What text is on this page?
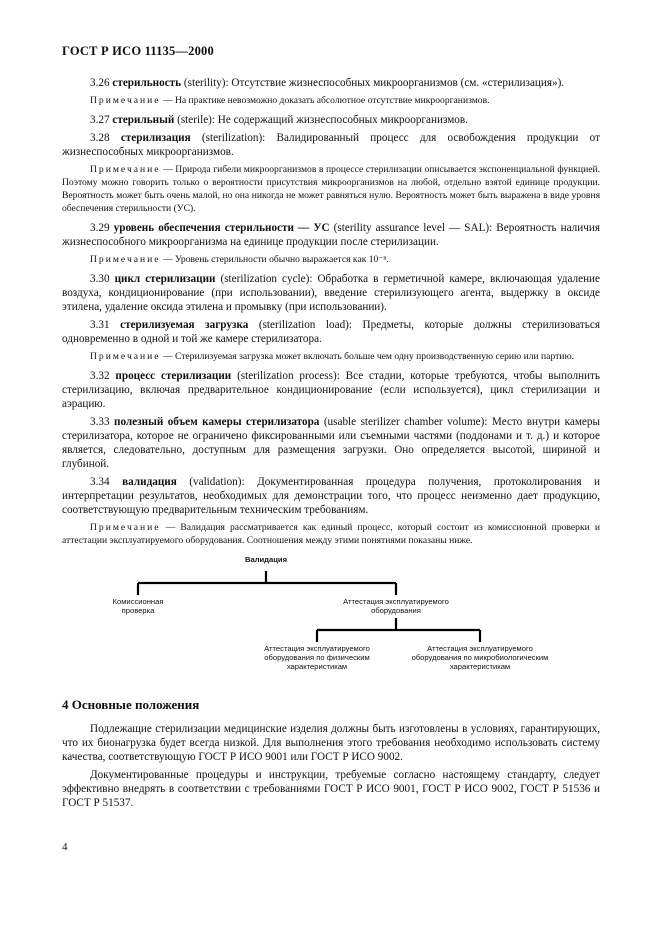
ГОСТ Р ИСО 11135—2000

3.26 стерильность (sterility): Отсутствие жизнеспособных микроорганизмов (см. «стерилизация»).

Примечание — На практике невозможно доказать абсолютное отсутствие микроорганизмов.

3.27 стерильный (sterile): Не содержащий жизнеспособных микроорганизмов.

3.28 стерилизация (sterilization): Валидированный процесс для освобождения продукции от жизнеспособных микроорганизмов.

Примечание — Природа гибели микроорганизмов в процессе стерилизации описывается экспоненциальной функцией. Поэтому можно говорить только о вероятности присутствия микроорганизмов на любой, отдельно взятой единице продукции. Вероятность может быть очень малой, но она никогда не может равняться нулю. Вероятность может быть выражена в виде уровня обеспечения стерильности (УС).

3.29 уровень обеспечения стерильности — УС (sterility assurance level — SAL): Вероятность наличия жизнеспособного микроорганизма на единице продукции после стерилизации.

Примечание — Уровень стерильности обычно выражается как 10⁻ⁿ.

3.30 цикл стерилизации (sterilization cycle): Обработка в герметичной камере, включающая удаление воздуха, кондиционирование (при использовании), введение стерилизующего агента, выдержку в оксиде этилена, удаление оксида этилена и промывку (при использовании).

3.31 стерилизуемая загрузка (sterilization load): Предметы, которые должны стерилизоваться одновременно в одной и той же камере стерилизатора.

Примечание — Стерилизуемая загрузка может включать больше чем одну производственную серию или партию.

3.32 процесс стерилизации (sterilization process): Все стадии, которые требуются, чтобы выполнить стерилизацию, включая предварительное кондиционирование (если используется), цикл стерилизации и аэрацию.

3.33 полезный объем камеры стерилизатора (usable sterilizer chamber volume): Место внутри камеры стерилизатора, которое не ограничено фиксированными или съемными частями (поддонами и т. д.) и которое является, следовательно, доступным для размещения загрузки. Оно определяется высотой, шириной и глубиной.

3.34 валидация (validation): Документированная процедура получения, протоколирования и интерпретации результатов, необходимых для демонстрации того, что процесс неизменно дает продукцию, соответствующую предварительным техническим требованиям.

Примечание — Валидация рассматривается как единый процесс, который состоит из комиссионной проверки и аттестации эксплуатируемого оборудования. Соотношения между этими понятиями показаны ниже.

Валидация
Комиссионная проверка
Аттестация эксплуатируемого оборудования
Аттестация эксплуатируемого оборудования по физическим характеристикам
Аттестация эксплуатируемого оборудования по микробиологическим характеристикам
4 Основные положения

Подлежащие стерилизации медицинские изделия должны быть изготовлены в условиях, гарантирующих, что их бионагрузка будет всегда низкой. Для выполнения этого требования необходимо использовать систему качества, соответствующую ГОСТ Р ИСО 9001 или ГОСТ Р ИСО 9002.

Документированные процедуры и инструкции, требуемые согласно настоящему стандарту, следует эффективно внедрять в соответствии с требованиями ГОСТ Р ИСО 9001, ГОСТ Р ИСО 9002, ГОСТ Р 51536 и ГОСТ Р 51537.

4
